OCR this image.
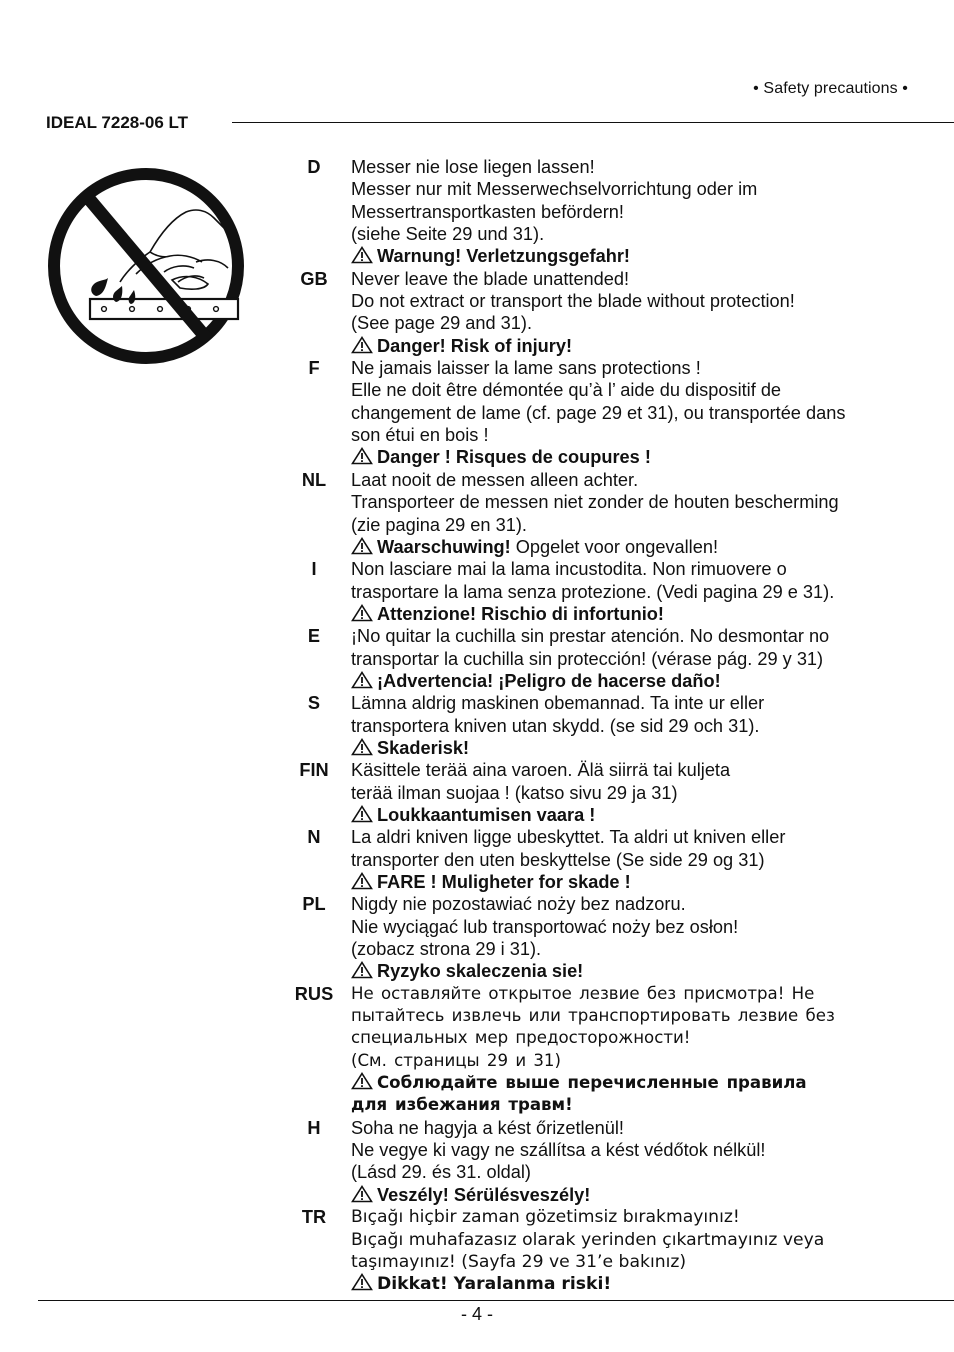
• Safety precautions •
IDEAL 7228-06 LT
D	Messer nie lose liegen lassen!
Messer nur mit Messerwechselvorrichtung oder im
Messertransportkasten befördern!
(siehe Seite 29 und 31).
Warnung! Verletzungsgefahr!
GB	Never leave the blade unattended!
Do not extract or transport the blade without protection!
(See page 29 and 31).
Danger! Risk of injury!
F	Ne jamais laisser la lame sans protections !
Elle ne doit être démontée qu’à l’ aide du dispositif de
changement de lame (cf. page 29 et 31), ou transportée dans
son étui en bois !
Danger ! Risques de coupures !
NL	Laat nooit de messen alleen achter.
Transporteer de messen niet zonder de houten bescherming
(zie pagina 29 en 31).
Waarschuwing! Opgelet voor ongevallen!
I	Non lasciare mai la lama incustodita. Non rimuovere o
trasportare la lama senza protezione. (Vedi pagina 29 e 31).
Attenzione! Rischio di infortunio!
E	¡No quitar la cuchilla sin prestar atención. No desmontar no
transportar la cuchilla sin protección! (vérase pág. 29 y 31)
¡Advertencia! ¡Peligro de hacerse daño!
S	Lämna aldrig maskinen obemannad. Ta inte ur eller
transportera kniven utan skydd. (se sid 29 och 31).
Skaderisk!
FIN	Käsittele terää aina varoen. Älä siirrä tai kuljeta
terää ilman suojaa ! (katso sivu 29 ja 31)
Loukkaantumisen vaara !
N	La aldri kniven ligge ubeskyttet. Ta aldri ut kniven eller
transporter den uten beskyttelse (Se side 29 og 31)
FARE ! Muligheter for skade !
PL	Nigdy nie pozostawiać noży bez nadzoru.
Nie wyciągać lub transportować noży bez osłon!
(zobacz strona 29 i 31).
Ryzyko skaleczenia sie!
RUS Не оставляйте открытое лезвие без присмотра! Не
пытайтесь извлечь или транспортировать лезвие без
специальных мер предосторожности!
(См. страницы 29 и 31)
Соблюдайте выше перечисленные правила
для избежания травм!
H	Soha ne hagyja a kést őrizetlenül!
Ne vegye ki vagy ne szállítsa a kést védőtok nélkül!
(Lásd 29. és 31. oldal)
Veszély! Sérülésveszély!
TR	Bıçağı hiçbir zaman gözetimsiz bırakmayınız!
Bıçağı muhafazasız olarak yerinden çıkartmayınız veya
taşımayınız! (Sayfa 29 ve 31’e bakınız)
Dikkat! Yaralanma riski!
- 4 -
